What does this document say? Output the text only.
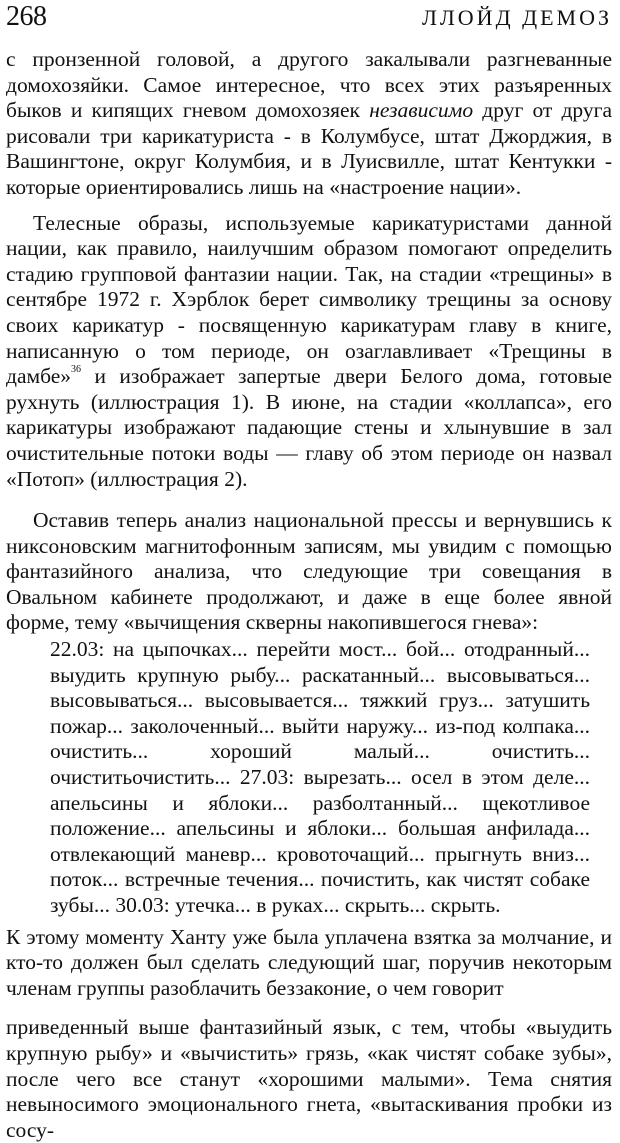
268	ЛЛОЙД ДЕМОЗ

с пронзенной головой, а другого закалывали разгневанные домохозяйки. Самое интересное, что всех этих разъяренных быков и кипящих гневом домохозяек независимо друг от друга рисовали три карикатуриста - в Колумбусе, штат Джорджия, в Вашингтоне, округ Колумбия, и в Луисвилле, штат Кентукки - которые ориентировались лишь на «настроение нации».

Телесные образы, используемые карикатуристами данной нации, как правило, наилучшим образом помогают определить стадию групповой фантазии нации. Так, на стадии «трещины» в сентябре 1972 г. Хэрблок берет символику трещины за основу своих карикатур - посвященную карикатурам главу в книге, написанную о том периоде, он озаглавливает «Трещины в дамбе»$^{36}$ и изображает запертые двери Белого дома, готовые рухнуть (иллюстрация 1). В июне, на стадии «коллапса», его карикатуры изображают падающие стены и хлынувшие в зал очистительные потоки воды — главу об этом периоде он назвал «Потоп» (иллюстрация 2).

Оставив теперь анализ национальной прессы и вернувшись к никсоновским магнитофонным записям, мы увидим с помощью фантазийного анализа, что следующие три совещания в Овальном кабинете продолжают, и даже в еще более явной форме, тему «вычищения скверны накопившегося гнева»:

22.03: на цыпочках... перейти мост... бой... отодранный... выудить крупную рыбу... раскатанный... высовываться... высовываться... высовывается... тяжкий груз... затушить пожар... заколоченный... выйти наружу... из-под колпака... очистить... хороший малый... очистить... очиститьочистить... 27.03: вырезать... осел в этом деле... апельсины и яблоки... разболтанный... щекотливое положение... апельсины и яблоки... большая анфилада... отвлекающий маневр... кровоточащий... прыгнуть вниз... поток... встречные течения... почистить, как чистят собаке зубы... 30.03: утечка... в руках... скрыть... скрыть.

К этому моменту Ханту уже была уплачена взятка за молчание, и кто-то должен был сделать следующий шаг, поручив некоторым членам группы разоблачить беззаконие, о чем говорит

приведенный выше фантазийный язык, с тем, чтобы «выудить крупную рыбу» и «вычистить» грязь, «как чистят собаке зубы», после чего все станут «хорошими малыми». Тема снятия невыносимого эмоционального гнета, «вытаскивания пробки из сосу-
